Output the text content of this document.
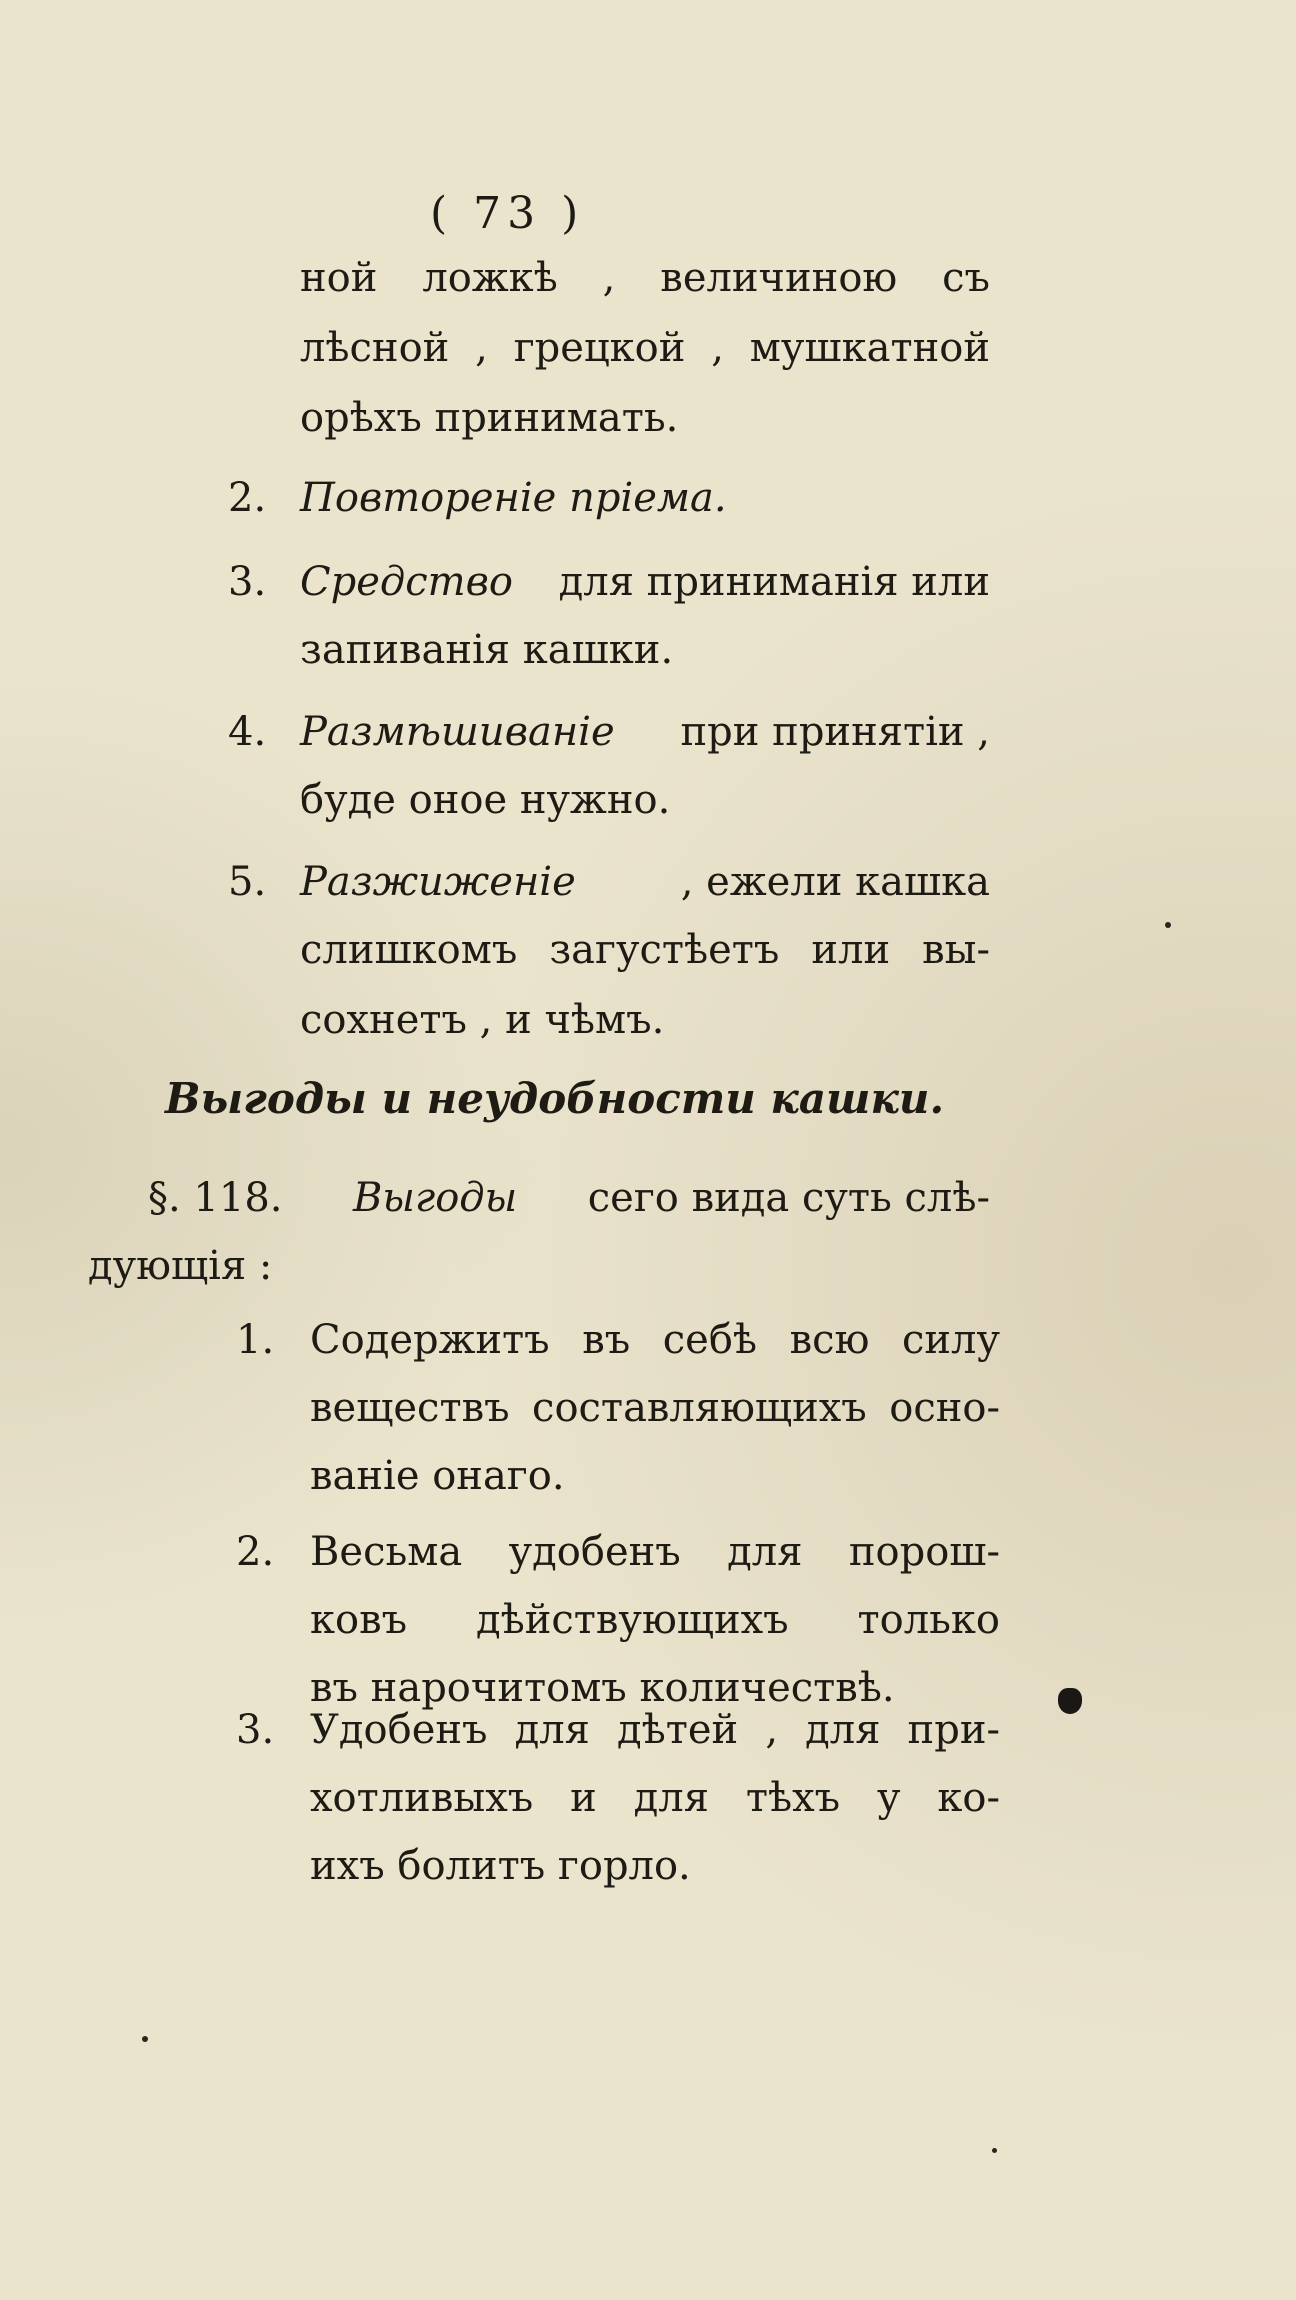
( 73 )
ной ложкѣ , величиною съ
лѣсной , грецкой , мушкатной
орѣхъ принимать.
2. Повтореніе пріема.
3. Средство для приниманія или
запиванія кашки.
4. Размѣшиваніе при принятіи ,
буде оное нужно.
5. Разжиженіе	, ежели кашка
слишкомъ загустѣетъ или вы-
сохнетъ , и чѣмъ.
Выгоды и неудобности кашки.
§. 118. Выгоды сего вида суть слѣ-
дующія :
1. Содержитъ въ себѣ всю силу
веществъ составляющихъ осно-
ваніе онаго.
2. Весьма удобенъ для порош-
ковъ дѣйствующихъ только
въ нарочитомъ количествѣ.
3. Удобенъ для дѣтей , для при-
хотливыхъ и для тѣхъ у ко-
ихъ болитъ горло.
